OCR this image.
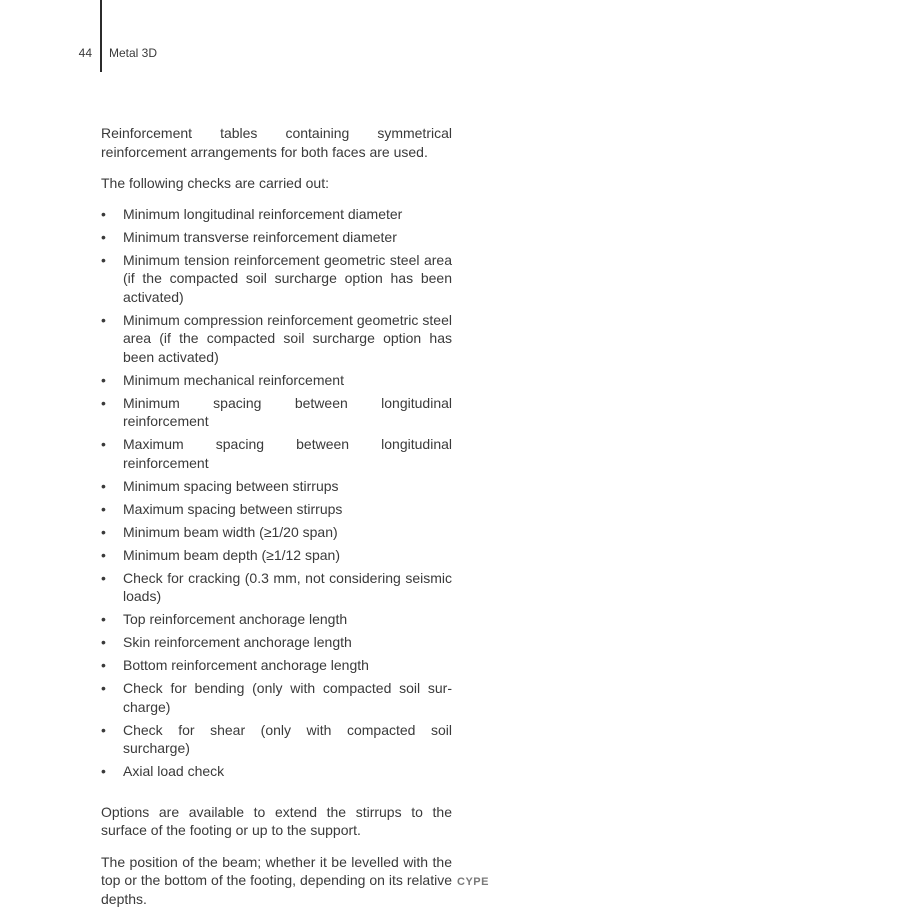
44 Metal 3D

Reinforcement tables containing symmetrical reinforcement arrangements for both faces are used.

The following checks are carried out:

•	Minimum longitudinal reinforcement diameter
•	Minimum transverse reinforcement diameter
•	Minimum tension reinforcement geometric steel area (if the compacted soil surcharge option has been activated)
•	Minimum compression reinforcement geometric steel area (if the compacted soil surcharge option has been activated)
•	Minimum mechanical reinforcement
•	Minimum spacing between longitudinal reinforcement
•	Maximum spacing between longitudinal reinforcement
•	Minimum spacing between stirrups
•	Maximum spacing between stirrups
•	Minimum beam width (≥1/20 span)
•	Minimum beam depth (≥1/12 span)
•	Check for cracking (0.3 mm, not considering seismic loads)
•	Top reinforcement anchorage length
•	Skin reinforcement anchorage length
•	Bottom reinforcement anchorage length
•	Check for bending (only with compacted soil sur-charge)
•	Check for shear (only with compacted soil surcharge)
•	Axial load check

Options are available to extend the stirrups to the surface of the footing or up to the support.

The position of the beam; whether it be levelled with the top or the bottom of the footing, depending on its relative depths.

CYPE
